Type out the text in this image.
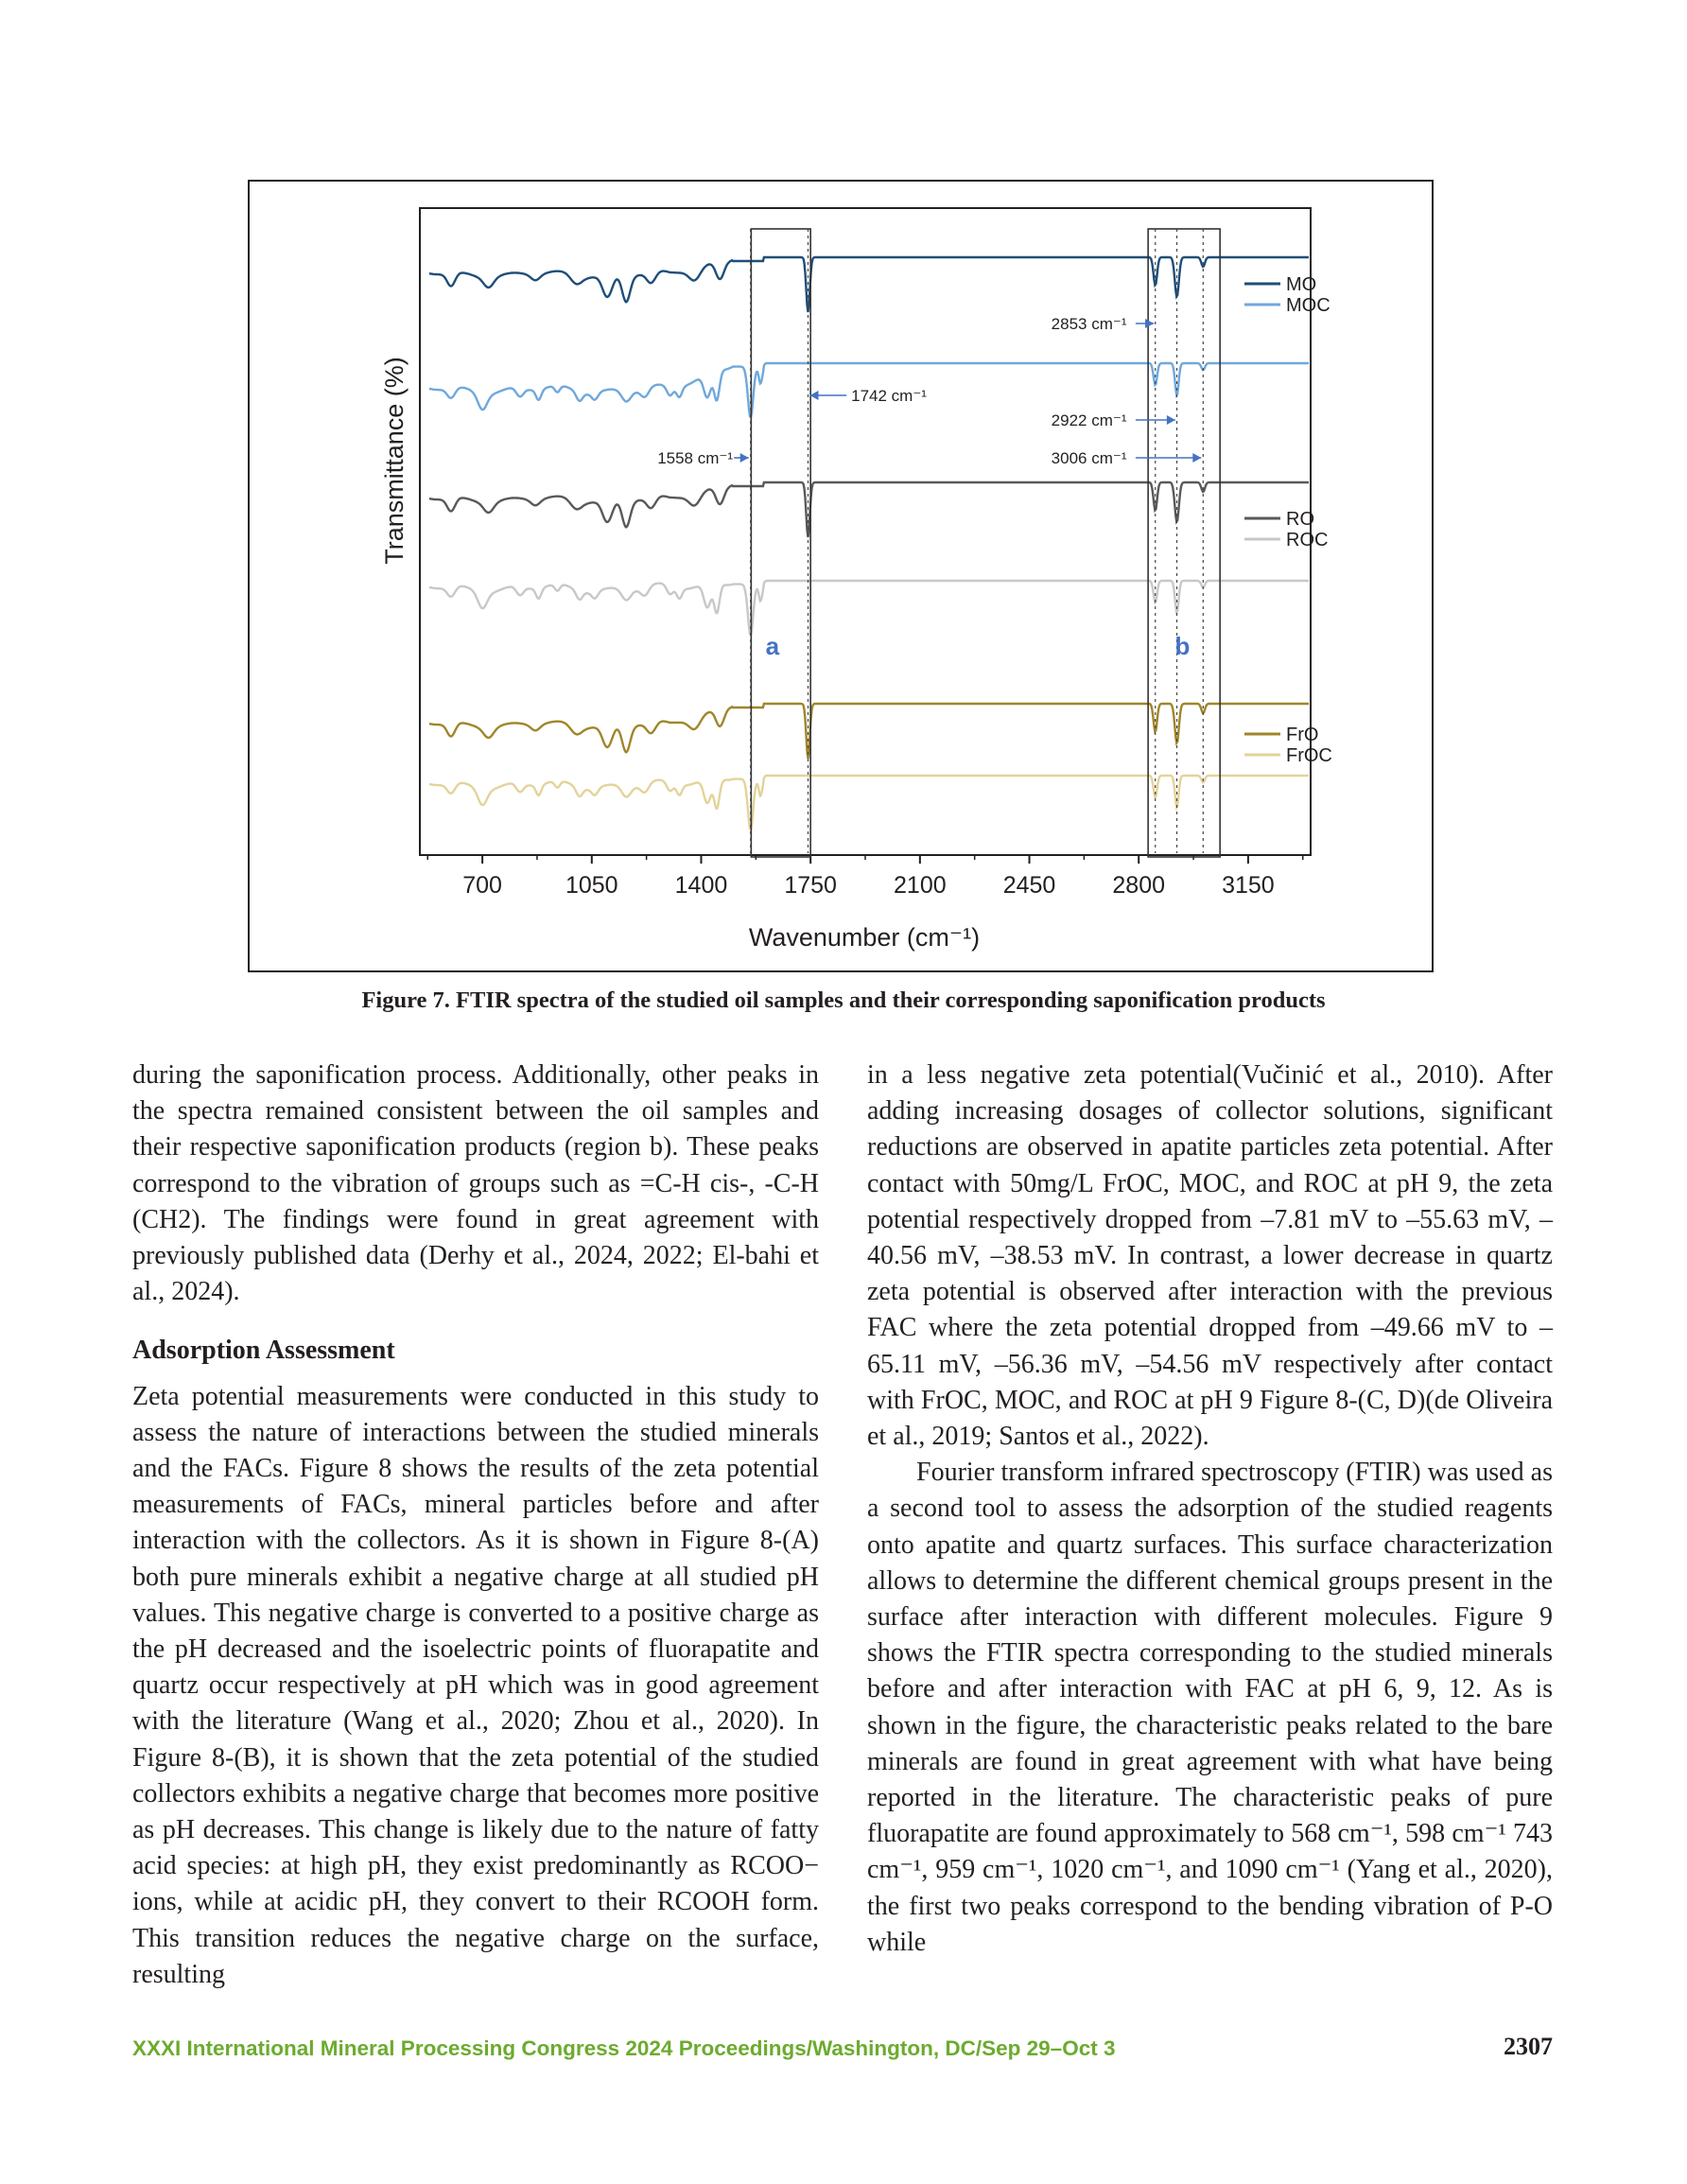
700	1050 1400 1750 2100 2450 2800 3150
a	b
2853 cm⁻¹
1742 cm⁻¹
2922 cm⁻¹
1558 cm⁻¹	3006 cm⁻¹
MO
MOC
RO
ROC
FrO
FrOC
Transmittance (%)
Wavenumber (cm⁻¹)
Figure 7. FTIR spectra of the studied oil samples and their corresponding saponification products

during the saponification process. Additionally, other peaks in the spectra remained consistent between the oil samples and their respective saponification products (region b). These peaks correspond to the vibration of groups such as =C-H cis-, -C-H (CH2). The findings were found in great agreement with previously published data (Derhy et al., 2024, 2022; El-bahi et al., 2024).

Adsorption Assessment

Zeta potential measurements were conducted in this study to assess the nature of interactions between the studied minerals and the FACs. Figure 8 shows the results of the zeta potential measurements of FACs, mineral particles before and after interaction with the collectors. As it is shown in Figure 8-(A) both pure minerals exhibit a negative charge at all studied pH values. This negative charge is converted to a positive charge as the pH decreased and the isoelectric points of fluorapatite and quartz occur respectively at pH which was in good agreement with the literature (Wang et al., 2020; Zhou et al., 2020). In Figure 8-(B), it is shown that the zeta potential of the studied collectors exhibits a negative charge that becomes more positive as pH decreases. This change is likely due to the nature of fatty acid species: at high pH, they exist predominantly as RCOO− ions, while at acidic pH, they convert to their RCOOH form. This transition reduces the negative charge on the surface, resulting

in a less negative zeta potential(Vučinić et al., 2010). After adding increasing dosages of collector solutions, significant reductions are observed in apatite particles zeta potential. After contact with 50mg/L FrOC, MOC, and ROC at pH 9, the zeta potential respectively dropped from –7.81 mV to –55.63 mV, –40.56 mV, –38.53 mV. In contrast, a lower decrease in quartz zeta potential is observed after interaction with the previous FAC where the zeta potential dropped from –49.66 mV to –65.11 mV, –56.36 mV, –54.56 mV respectively after contact with FrOC, MOC, and ROC at pH 9 Figure 8-(C, D)(de Oliveira et al., 2019; Santos et al., 2022).

Fourier transform infrared spectroscopy (FTIR) was used as a second tool to assess the adsorption of the studied reagents onto apatite and quartz surfaces. This surface characterization allows to determine the different chemical groups present in the surface after interaction with different molecules. Figure 9 shows the FTIR spectra corresponding to the studied minerals before and after interaction with FAC at pH 6, 9, 12. As is shown in the figure, the characteristic peaks related to the bare minerals are found in great agreement with what have being reported in the literature. The characteristic peaks of pure fluorapatite are found approximately to 568 cm⁻¹, 598 cm⁻¹ 743 cm⁻¹, 959 cm⁻¹, 1020 cm⁻¹, and 1090 cm⁻¹ (Yang et al., 2020), the first two peaks correspond to the bending vibration of P-O while

XXXI International Mineral Processing Congress 2024 Proceedings/Washington, DC/Sep 29–Oct 3	2307
